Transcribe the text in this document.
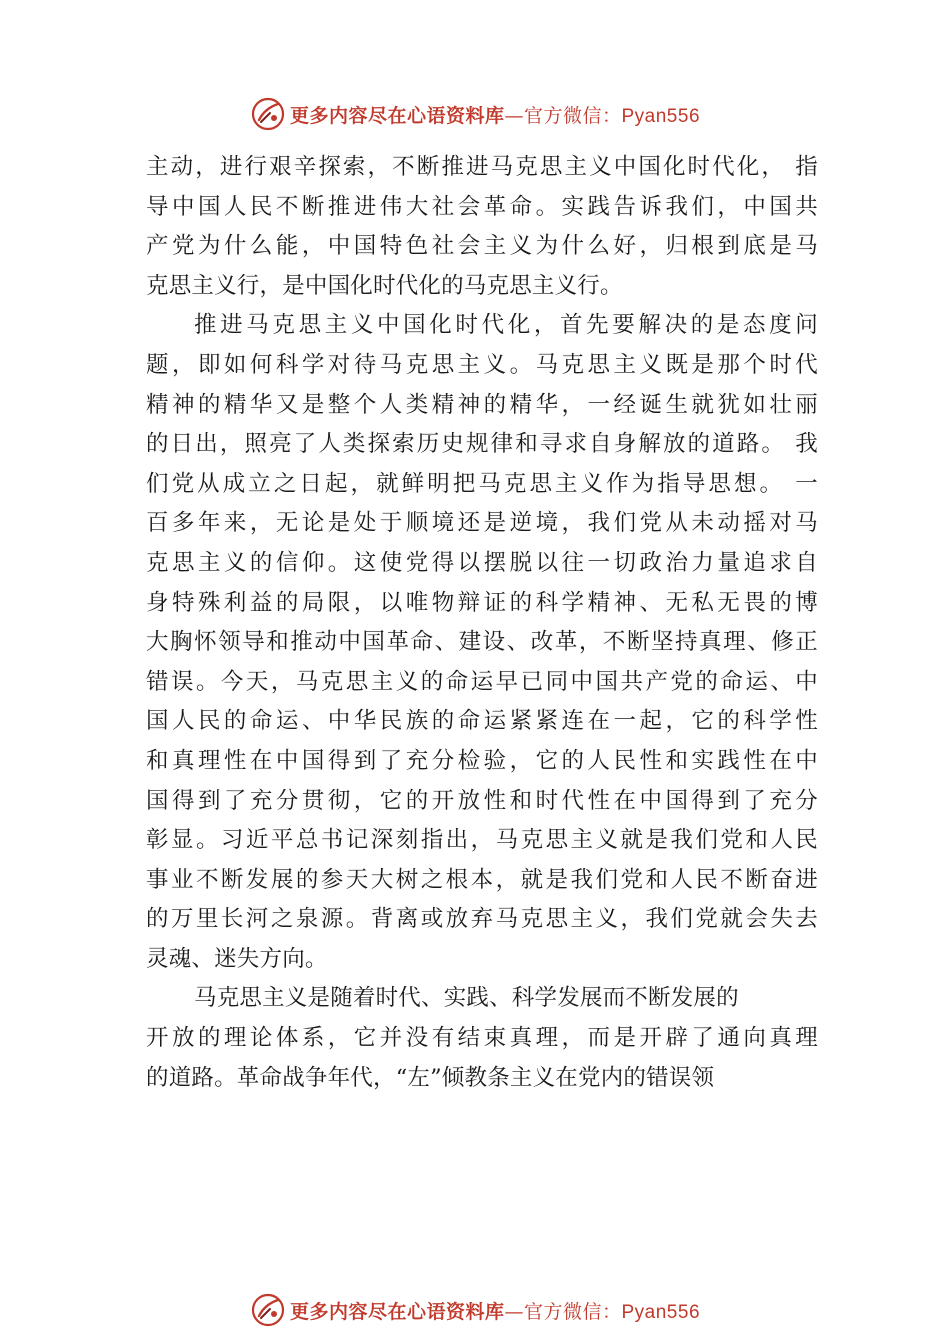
更多内容尽在心语资料库—官方微信：Pyan556
主动，进行艰辛探索，不断推进马克思主义中国化时代化， 指
导中国人民不断推进伟大社会革命。实践告诉我们，中国共
产党为什么能，中国特色社会主义为什么好，归根到底是马
克思主义行，是中国化时代化的马克思主义行。
推进马克思主义中国化时代化，首先要解决的是态度问
题，即如何科学对待马克思主义。马克思主义既是那个时代
精神的精华又是整个人类精神的精华，一经诞生就犹如壮丽
的日出，照亮了人类探索历史规律和寻求自身解放的道路。 我
们党从成立之日起，就鲜明把马克思主义作为指导思想。 一
百多年来，无论是处于顺境还是逆境，我们党从未动摇对马
克思主义的信仰。这使党得以摆脱以往一切政治力量追求自
身特殊利益的局限，以唯物辩证的科学精神、无私无畏的博
大胸怀领导和推动中国革命、建设、改革，不断坚持真理、修正
错误。今天，马克思主义的命运早已同中国共产党的命运、中
国人民的命运、中华民族的命运紧紧连在一起，它的科学性
和真理性在中国得到了充分检验，它的人民性和实践性在中
国得到了充分贯彻，它的开放性和时代性在中国得到了充分
彰显。习近平总书记深刻指出，马克思主义就是我们党和人民
事业不断发展的参天大树之根本，就是我们党和人民不断奋进
的万里长河之泉源。背离或放弃马克思主义，我们党就会失去
灵魂、迷失方向。
马克思主义是随着时代、实践、科学发展而不断发展的
开放的理论体系，它并没有结束真理，而是开辟了通向真理
的道路。革命战争年代，“左”倾教条主义在党内的错误领
更多内容尽在心语资料库—官方微信：Pyan556
